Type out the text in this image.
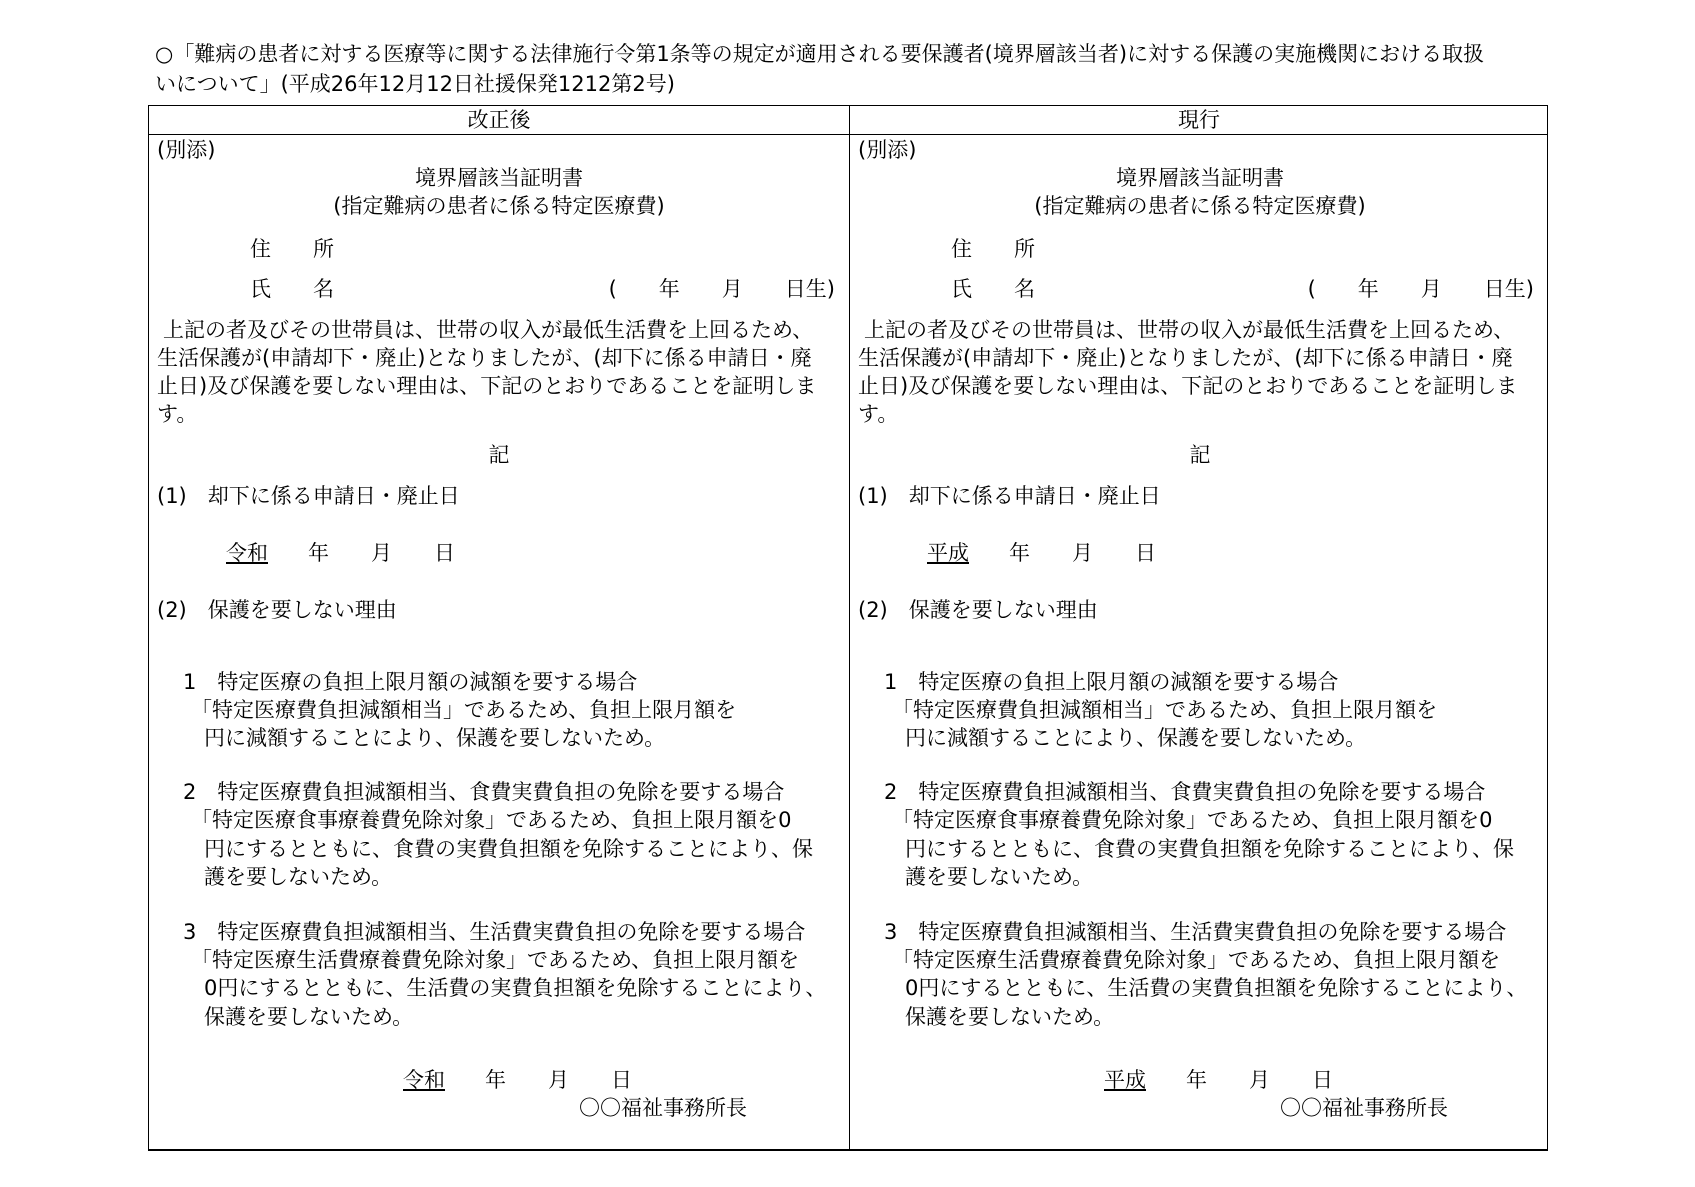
○「難病の患者に対する医療等に関する法律施行令第1条等の規定が適用される要保護者(境界層該当者)に対する保護の実施機関における取扱
いについて」(平成26年12月12日社援保発1212第2号)
改正後	現行
(別添)
境界層該当証明書
(指定難病の患者に係る特定医療費)
住　　所
氏　　名	(　　年　　月　　日生)
上記の者及びその世帯員は、世帯の収入が最低生活費を上回るため、
生活保護が(申請却下・廃止)となりましたが、(却下に係る申請日・廃
止日)及び保護を要しない理由は、下記のとおりであることを証明しま
す。
記
(1)　却下に係る申請日・廃止日
令和 年　　月　　日
(2)　保護を要しない理由
1　特定医療の負担上限月額の減額を要する場合
「特定医療費負担減額相当」であるため、負担上限月額を
円に減額することにより、保護を要しないため。
2　特定医療費負担減額相当、食費実費負担の免除を要する場合
「特定医療食事療養費免除対象」であるため、負担上限月額を0
円にするとともに、食費の実費負担額を免除することにより、保
護を要しないため。
3　特定医療費負担減額相当、生活費実費負担の免除を要する場合
「特定医療生活費療養費免除対象」であるため、負担上限月額を
0円にするとともに、生活費の実費負担額を免除することにより、
保護を要しないため。
令和 年　　月　　日
〇〇福祉事務所長
(別添)
境界層該当証明書
(指定難病の患者に係る特定医療費)
住　　所
氏　　名	(　　年　　月　　日生)
上記の者及びその世帯員は、世帯の収入が最低生活費を上回るため、
生活保護が(申請却下・廃止)となりましたが、(却下に係る申請日・廃
止日)及び保護を要しない理由は、下記のとおりであることを証明しま
す。
記
(1)　却下に係る申請日・廃止日
平成 年　　月　　日
(2)　保護を要しない理由
1　特定医療の負担上限月額の減額を要する場合
「特定医療費負担減額相当」であるため、負担上限月額を
円に減額することにより、保護を要しないため。
2　特定医療費負担減額相当、食費実費負担の免除を要する場合
「特定医療食事療養費免除対象」であるため、負担上限月額を0
円にするとともに、食費の実費負担額を免除することにより、保
護を要しないため。
3　特定医療費負担減額相当、生活費実費負担の免除を要する場合
「特定医療生活費療養費免除対象」であるため、負担上限月額を
0円にするとともに、生活費の実費負担額を免除することにより、
保護を要しないため。
平成 年　　月　　日
〇〇福祉事務所長
